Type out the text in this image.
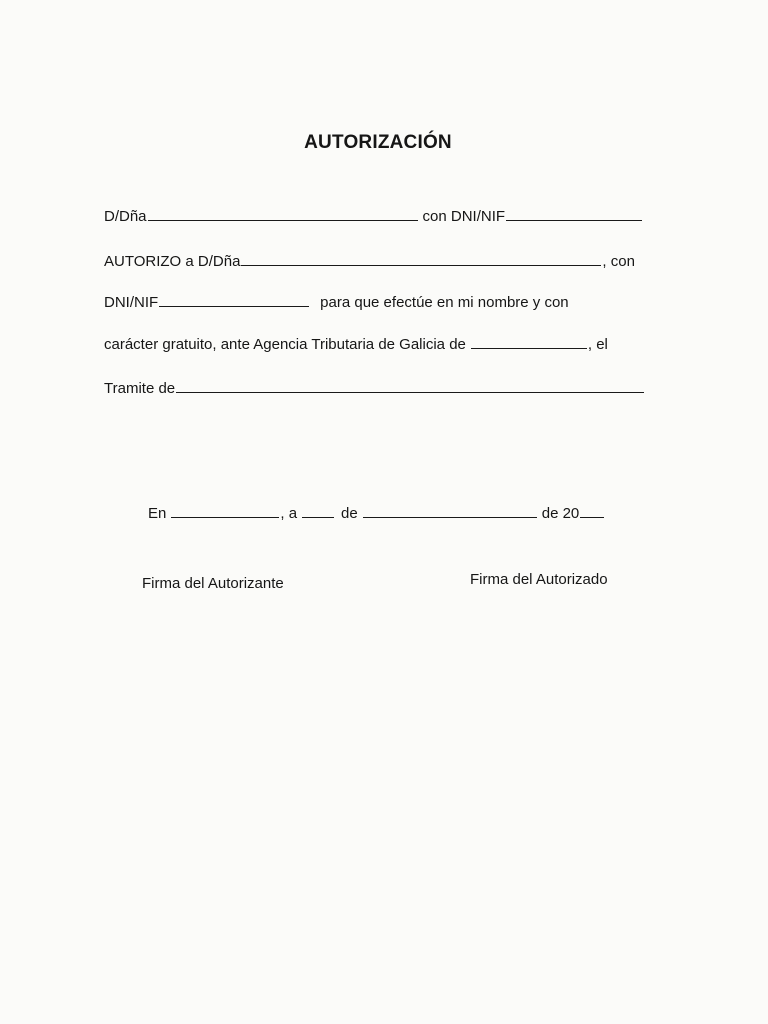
AUTORIZACIÓN
D/Dña	con DNI/NIF
AUTORIZO a D/Dña	, con
DNI/NIF	para que efectúe en mi nombre y con
carácter gratuito, ante Agencia Tributaria de Galicia de	, el
Tramite de
En	, a	de	de 20
Firma del Autorizante	Firma del Autorizado
